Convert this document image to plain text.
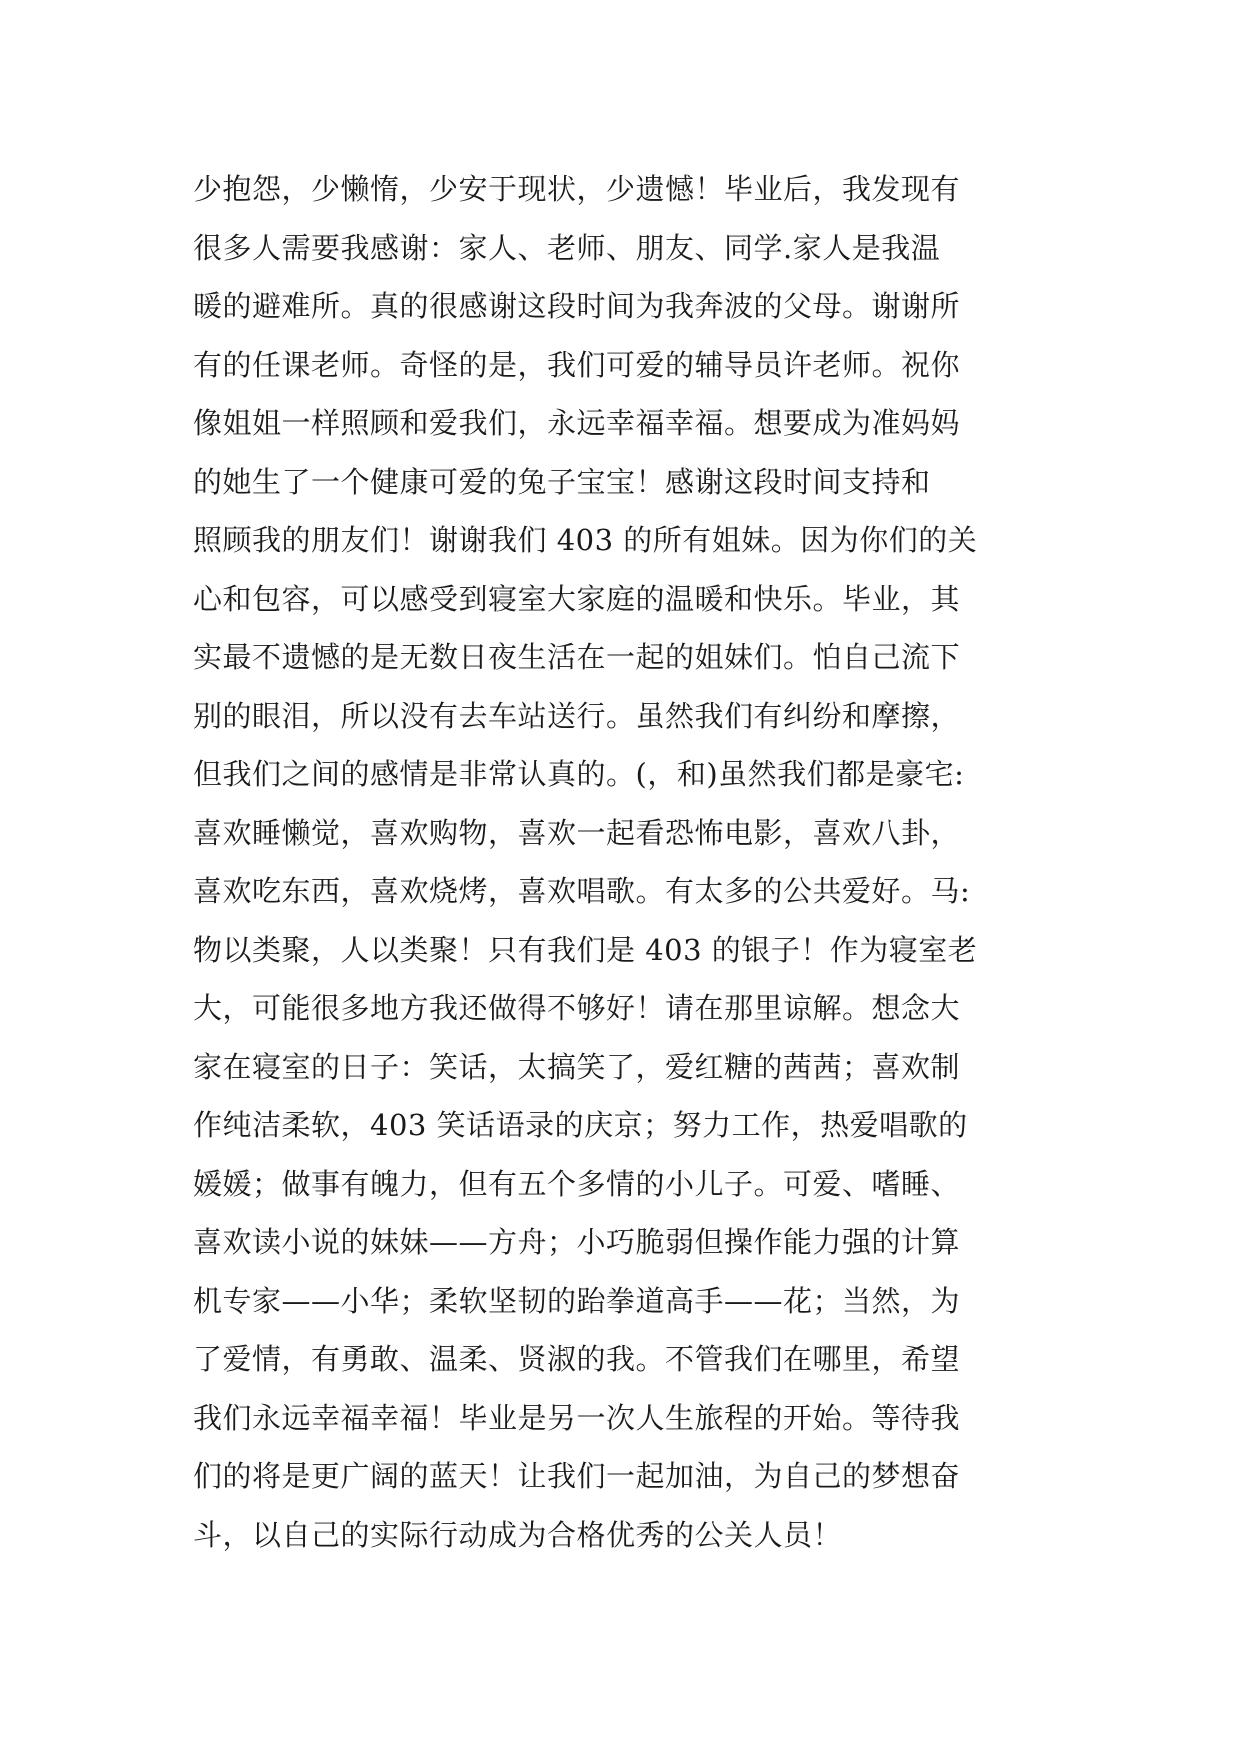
少抱怨，少懒惰，少安于现状，少遗憾！毕业后，我发现有
很多人需要我感谢：家人、老师、朋友、同学.家人是我温
暖的避难所。真的很感谢这段时间为我奔波的父母。谢谢所
有的任课老师。奇怪的是，我们可爱的辅导员许老师。祝你
像姐姐一样照顾和爱我们，永远幸福幸福。想要成为准妈妈
的她生了一个健康可爱的兔子宝宝！感谢这段时间支持和
照顾我的朋友们！谢谢我们 403 的所有姐妹。因为你们的关
心和包容，可以感受到寝室大家庭的温暖和快乐。毕业，其
实最不遗憾的是无数日夜生活在一起的姐妹们。怕自己流下
别的眼泪，所以没有去车站送行。虽然我们有纠纷和摩擦，
但我们之间的感情是非常认真的。(，和)虽然我们都是豪宅:
喜欢睡懒觉，喜欢购物，喜欢一起看恐怖电影，喜欢八卦，
喜欢吃东西，喜欢烧烤，喜欢唱歌。有太多的公共爱好。马:
物以类聚，人以类聚！只有我们是 403 的银子！作为寝室老
大，可能很多地方我还做得不够好！请在那里谅解。想念大
家在寝室的日子：笑话，太搞笑了，爱红糖的茜茜；喜欢制
作纯洁柔软，403 笑话语录的庆京；努力工作，热爱唱歌的
媛媛；做事有魄力，但有五个多情的小儿子。可爱、嗜睡、
喜欢读小说的妹妹——方舟；小巧脆弱但操作能力强的计算
机专家——小华；柔软坚韧的跆拳道高手——花；当然，为
了爱情，有勇敢、温柔、贤淑的我。不管我们在哪里，希望
我们永远幸福幸福！毕业是另一次人生旅程的开始。等待我
们的将是更广阔的蓝天！让我们一起加油，为自己的梦想奋
斗，以自己的实际行动成为合格优秀的公关人员！
